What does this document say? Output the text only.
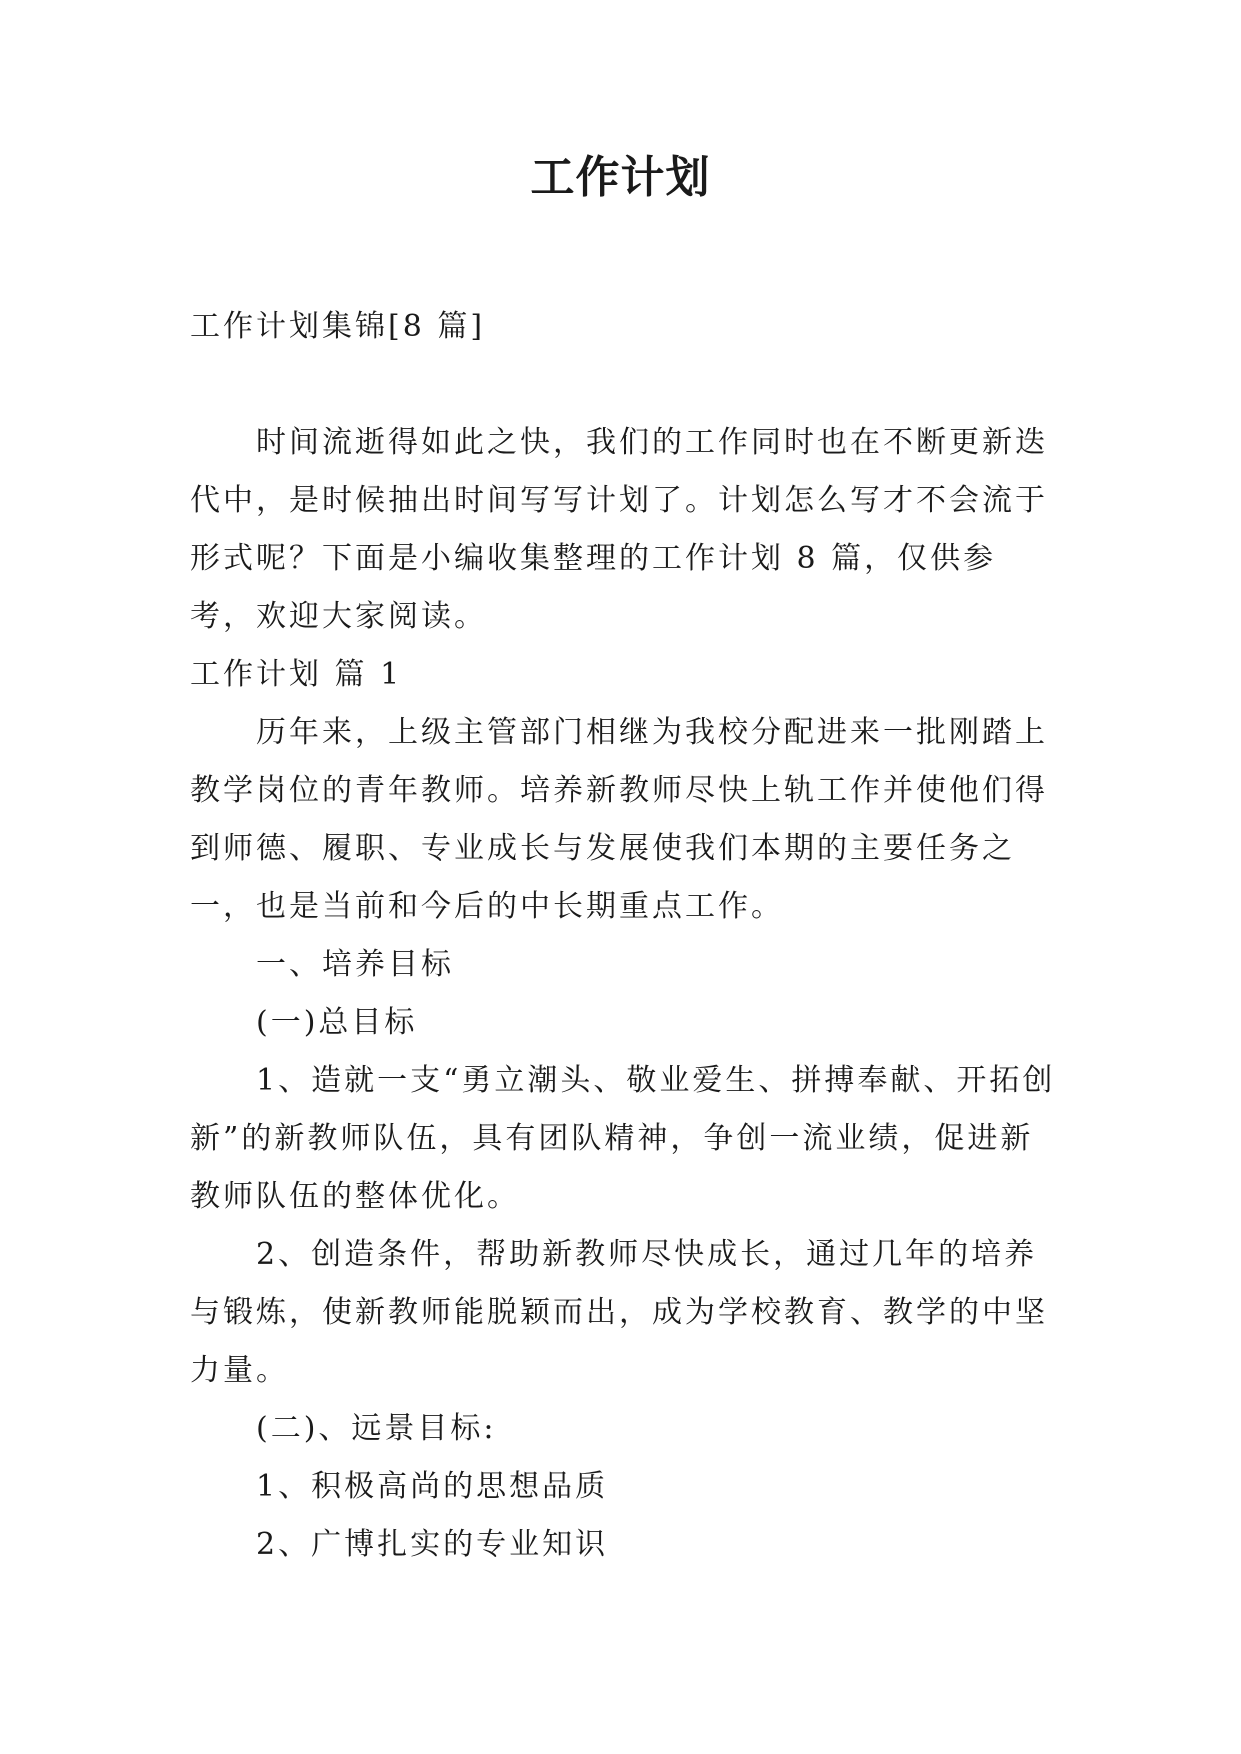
工作计划

工作计划集锦[8 篇]

时间流逝得如此之快，我们的工作同时也在不断更新迭代中，是时候抽出时间写写计划了。计划怎么写才不会流于形式呢？下面是小编收集整理的工作计划 8 篇，仅供参考，欢迎大家阅读。

工作计划 篇 1

历年来，上级主管部门相继为我校分配进来一批刚踏上教学岗位的青年教师。培养新教师尽快上轨工作并使他们得到师德、履职、专业成长与发展使我们本期的主要任务之一，也是当前和今后的中长期重点工作。

一、培养目标

(一)总目标

1、造就一支“勇立潮头、敬业爱生、拼搏奉献、开拓创新”的新教师队伍，具有团队精神，争创一流业绩，促进新教师队伍的整体优化。

2、创造条件，帮助新教师尽快成长，通过几年的培养与锻炼，使新教师能脱颖而出，成为学校教育、教学的中坚力量。

(二)、远景目标:

1、积极高尚的思想品质

2、广博扎实的专业知识
